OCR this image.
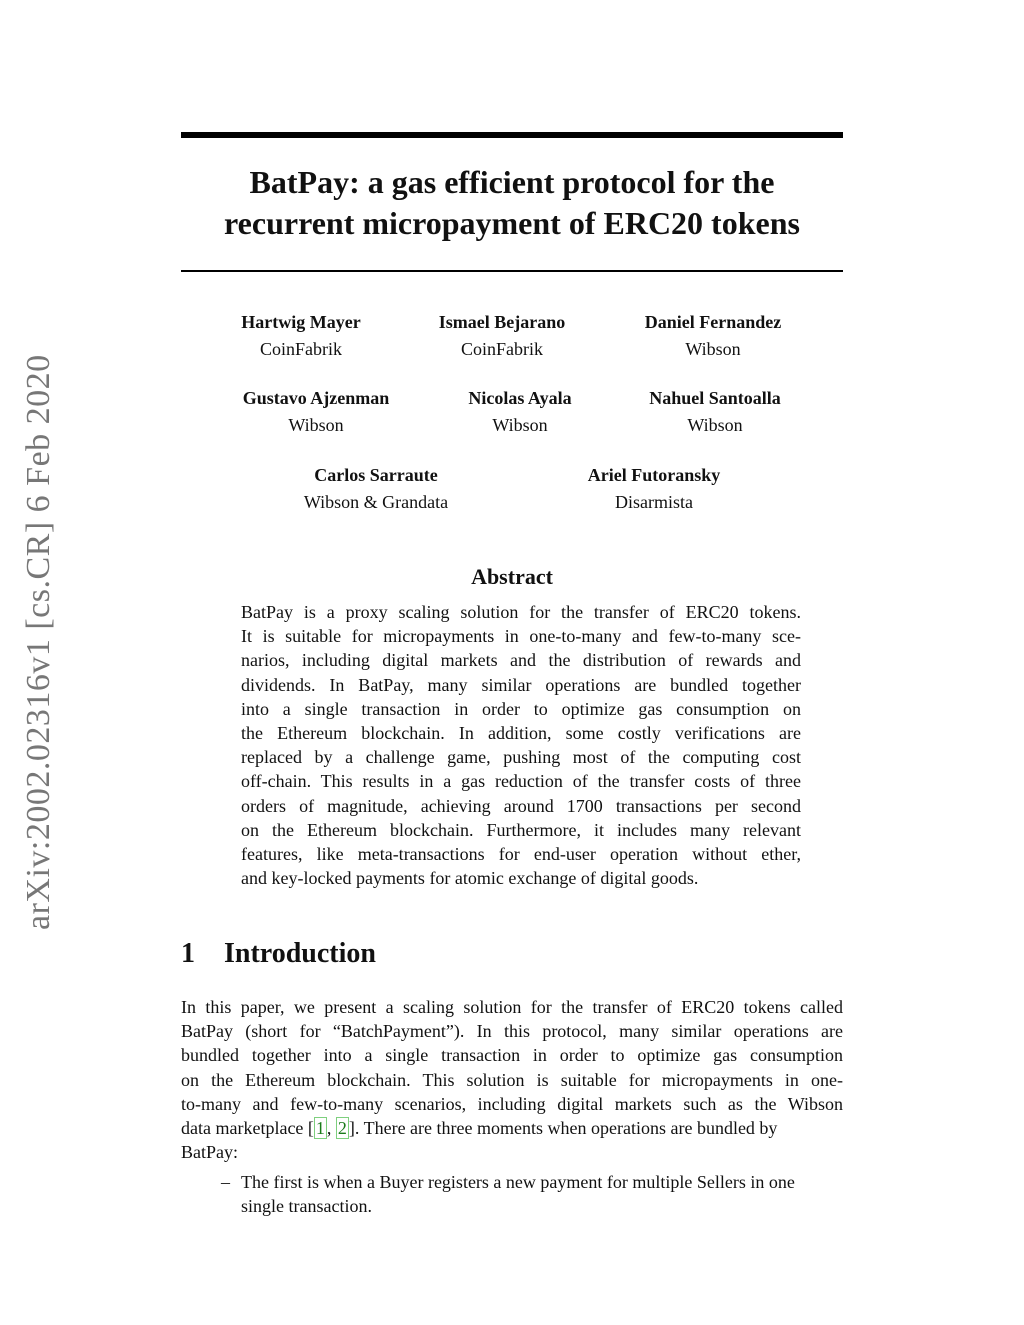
arXiv:2002.02316v1 [cs.CR] 6 Feb 2020
BatPay: a gas efficient protocol for the
recurrent micropayment of ERC20 tokens
Hartwig Mayer
CoinFabrik
Ismael Bejarano
CoinFabrik
Daniel Fernandez
Wibson
Gustavo Ajzenman
Wibson
Nicolas Ayala
Wibson
Nahuel Santoalla
Wibson
Carlos Sarraute
Wibson & Grandata
Ariel Futoransky
Disarmista
Abstract
BatPay is a proxy scaling solution for the transfer of ERC20 tokens.
It is suitable for micropayments in one-to-many and few-to-many sce-
narios, including digital markets and the distribution of rewards and
dividends. In BatPay, many similar operations are bundled together
into a single transaction in order to optimize gas consumption on
the Ethereum blockchain. In addition, some costly verifications are
replaced by a challenge game, pushing most of the computing cost
off-chain. This results in a gas reduction of the transfer costs of three
orders of magnitude, achieving around 1700 transactions per second
on the Ethereum blockchain. Furthermore, it includes many relevant
features, like meta-transactions for end-user operation without ether,
and key-locked payments for atomic exchange of digital goods.
1 Introduction
In this paper, we present a scaling solution for the transfer of ERC20 tokens called
BatPay (short for “BatchPayment”). In this protocol, many similar operations are
bundled together into a single transaction in order to optimize gas consumption
on the Ethereum blockchain. This solution is suitable for micropayments in one-
to-many and few-to-many scenarios, including digital markets such as the Wibson
data marketplace [ 1 , 2 ]. There are three moments when operations are bundled by
BatPay:
– The first is when a Buyer registers a new payment for multiple Sellers in one
single transaction.
